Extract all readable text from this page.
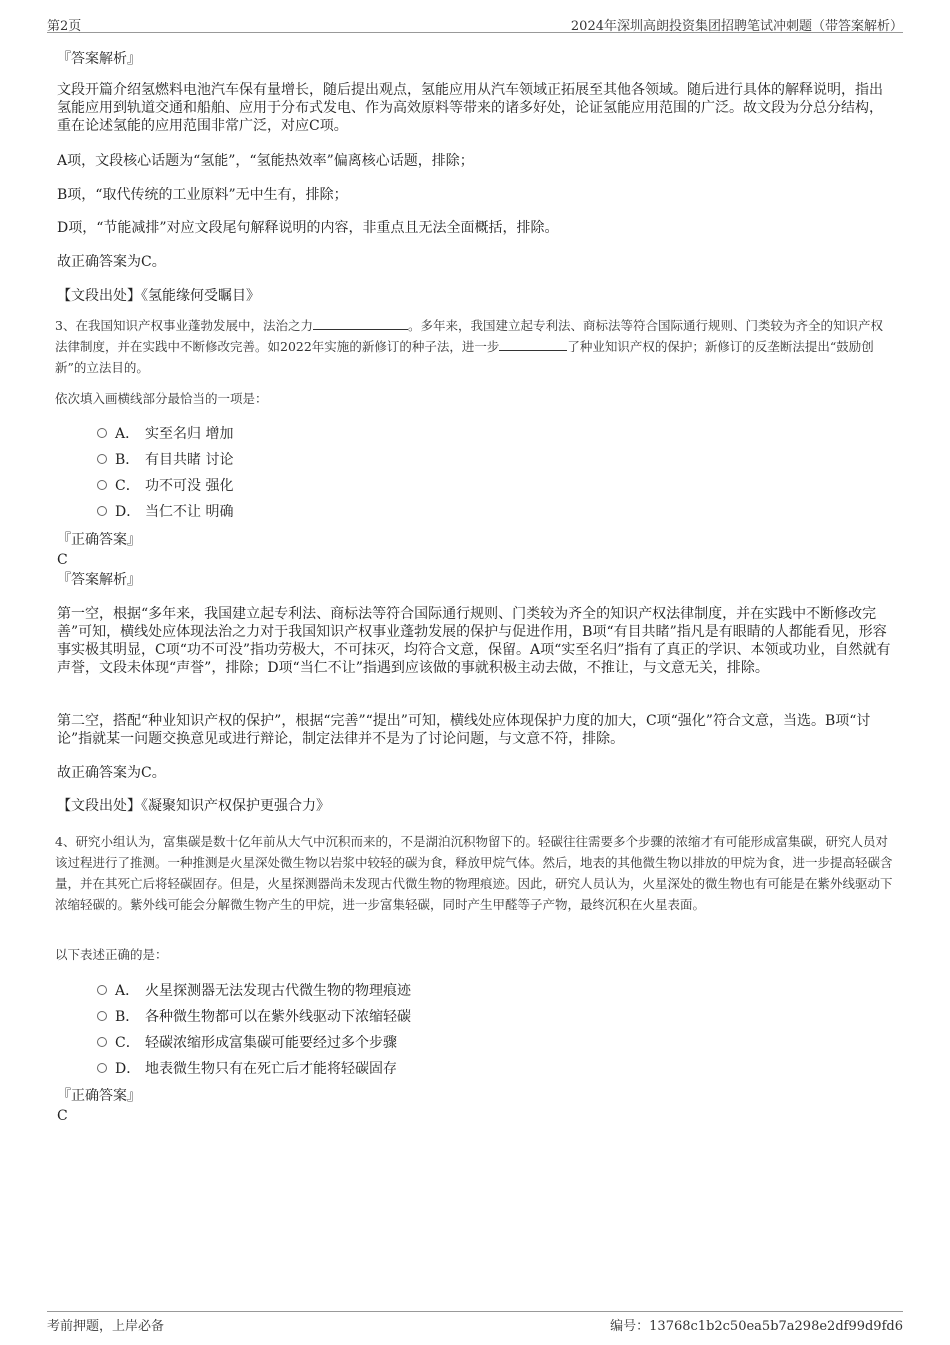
第2页	2024年深圳高朗投资集团招聘笔试冲刺题（带答案解析）

『答案解析』

文段开篇介绍氢燃料电池汽车保有量增长，随后提出观点，氢能应用从汽车领域正拓展至其他各领域。随后进行具体的解释说明，指出氢能应用到轨道交通和船舶、应用于分布式发电、作为高效原料等带来的诸多好处，论证氢能应用范围的广泛。故文段为分总分结构，重在论述氢能的应用范围非常广泛，对应C项。

A项，文段核心话题为“氢能”，“氢能热效率”偏离核心话题，排除；

B项，“取代传统的工业原料”无中生有，排除；

D项，“节能减排”对应文段尾句解释说明的内容，非重点且无法全面概括，排除。

故正确答案为C。

【文段出处】《氢能缘何受瞩目》

3、在我国知识产权事业蓬勃发展中，法治之力	。多年来，我国建立起专利法、商标法等符合国际通行规则、门类较为齐全的知识产权法律制度，并在实践中不断修改完善。如2022年实施的新修订的种子法，进一步	了种业知识产权的保护；新修订的反垄断法提出“鼓励创新”的立法目的。

依次填入画横线部分最恰当的一项是：

A． 实至名归 增加
B． 有目共睹 讨论
C． 功不可没 强化
D． 当仁不让 明确

『正确答案』

C

『答案解析』

第一空，根据“多年来，我国建立起专利法、商标法等符合国际通行规则、门类较为齐全的知识产权法律制度，并在实践中不断修改完善”可知，横线处应体现法治之力对于我国知识产权事业蓬勃发展的保护与促进作用，B项“有目共睹”指凡是有眼睛的人都能看见，形容事实极其明显，C项“功不可没”指功劳极大，不可抹灭，均符合文意，保留。A项“实至名归”指有了真正的学识、本领或功业，自然就有声誉，文段未体现“声誉”，排除；D项“当仁不让”指遇到应该做的事就积极主动去做，不推让，与文意无关，排除。

第二空，搭配“种业知识产权的保护”，根据“完善”“提出”可知，横线处应体现保护力度的加大，C项“强化”符合文意，当选。B项“讨论”指就某一问题交换意见或进行辩论，制定法律并不是为了讨论问题，与文意不符，排除。

故正确答案为C。

【文段出处】《凝聚知识产权保护更强合力》

4、研究小组认为，富集碳是数十亿年前从大气中沉积而来的，不是湖泊沉积物留下的。轻碳往往需要多个步骤的浓缩才有可能形成富集碳，研究人员对该过程进行了推测。一种推测是火星深处微生物以岩浆中较轻的碳为食，释放甲烷气体。然后，地表的其他微生物以排放的甲烷为食，进一步提高轻碳含量，并在其死亡后将轻碳固存。但是，火星探测器尚未发现古代微生物的物理痕迹。因此，研究人员认为，火星深处的微生物也有可能是在紫外线驱动下浓缩轻碳的。紫外线可能会分解微生物产生的甲烷，进一步富集轻碳，同时产生甲醛等子产物，最终沉积在火星表面。

以下表述正确的是：

A． 火星探测器无法发现古代微生物的物理痕迹
B． 各种微生物都可以在紫外线驱动下浓缩轻碳
C． 轻碳浓缩形成富集碳可能要经过多个步骤
D． 地表微生物只有在死亡后才能将轻碳固存

『正确答案』

C

考前押题，上岸必备	编号：13768c1b2c50ea5b7a298e2df99d9fd6
